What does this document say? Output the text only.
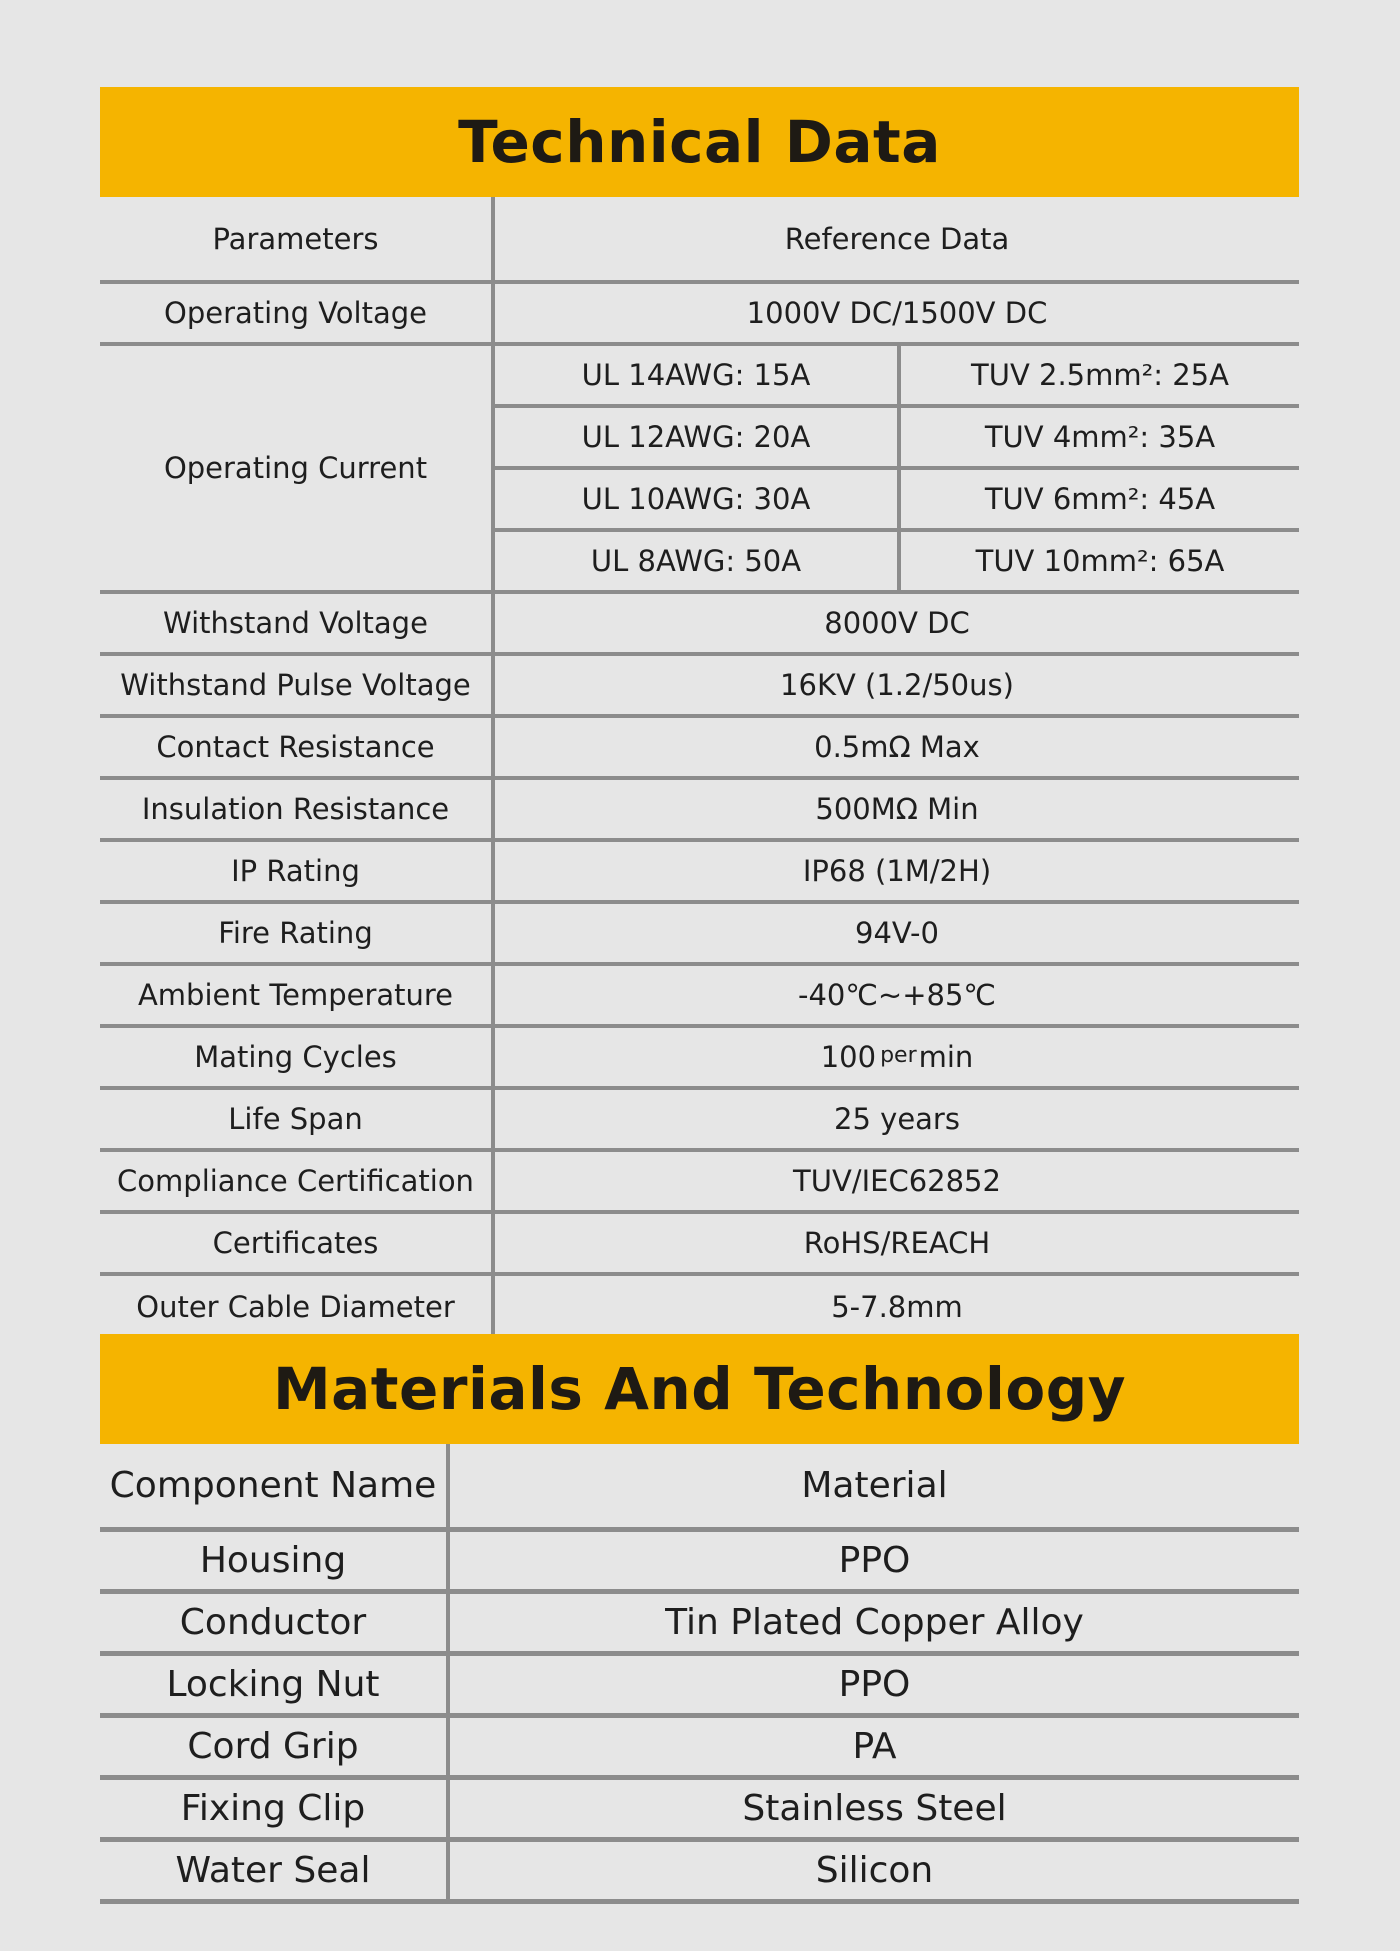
Technical Data
Parameters	Reference Data
Operating Voltage	1000V DC/1500V DC
Operating Current
UL 14AWG: 15A	TUV 2.5mm²: 25A
UL 12AWG: 20A	TUV 4mm²: 35A
UL 10AWG: 30A	TUV 6mm²: 45A
UL 8AWG: 50A	TUV 10mm²: 65A
Withstand Voltage	8000V DC
Withstand Pulse Voltage	16KV (1.2/50us)
Contact Resistance	0.5mΩ Max
Insulation Resistance	500MΩ Min
IP Rating	IP68 (1M/2H)
Fire Rating	94V-0
Ambient Temperature	-40℃~+85℃
Mating Cycles	100 per min
Life Span	25 years
Compliance Certification	TUV/IEC62852
Certificates	RoHS/REACH
Outer Cable Diameter	5-7.8mm
Materials And Technology
Component Name	Material
Housing	PPO
Conductor	Tin Plated Copper Alloy
Locking Nut	PPO
Cord Grip	PA
Fixing Clip	Stainless Steel
Water Seal	Silicon
